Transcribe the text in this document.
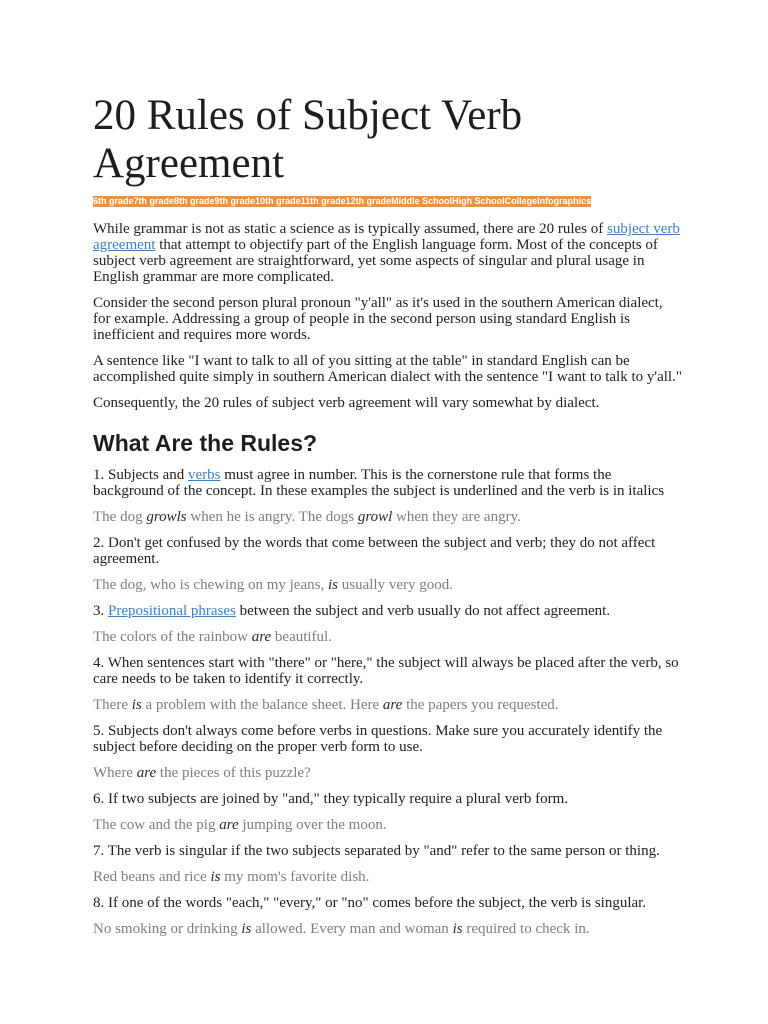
20 Rules of Subject Verb Agreement
6th grade7th grade8th grade9th grade10th grade11th grade12th gradeMiddle SchoolHigh SchoolCollegeInfographics

While grammar is not as static a science as is typically assumed, there are 20 rules of subject verb agreement that attempt to objectify part of the English language form. Most of the concepts of subject verb agreement are straightforward, yet some aspects of singular and plural usage in English grammar are more complicated.

Consider the second person plural pronoun "y'all" as it's used in the southern American dialect, for example. Addressing a group of people in the second person using standard English is inefficient and requires more words.

A sentence like "I want to talk to all of you sitting at the table" in standard English can be accomplished quite simply in southern American dialect with the sentence "I want to talk to y'all."

Consequently, the 20 rules of subject verb agreement will vary somewhat by dialect.

What Are the Rules?

1. Subjects and verbs must agree in number. This is the cornerstone rule that forms the background of the concept. In these examples the subject is underlined and the verb is in italics

The dog growls when he is angry. The dogs growl when they are angry.

2. Don't get confused by the words that come between the subject and verb; they do not affect agreement.

The dog, who is chewing on my jeans, is usually very good.

3. Prepositional phrases between the subject and verb usually do not affect agreement.

The colors of the rainbow are beautiful.

4. When sentences start with "there" or "here," the subject will always be placed after the verb, so care needs to be taken to identify it correctly.

There is a problem with the balance sheet. Here are the papers you requested.

5. Subjects don't always come before verbs in questions. Make sure you accurately identify the subject before deciding on the proper verb form to use.

Where are the pieces of this puzzle?

6. If two subjects are joined by "and," they typically require a plural verb form.

The cow and the pig are jumping over the moon.

7. The verb is singular if the two subjects separated by "and" refer to the same person or thing.

Red beans and rice is my mom's favorite dish.

8. If one of the words "each," "every," or "no" comes before the subject, the verb is singular.

No smoking or drinking is allowed. Every man and woman is required to check in.
